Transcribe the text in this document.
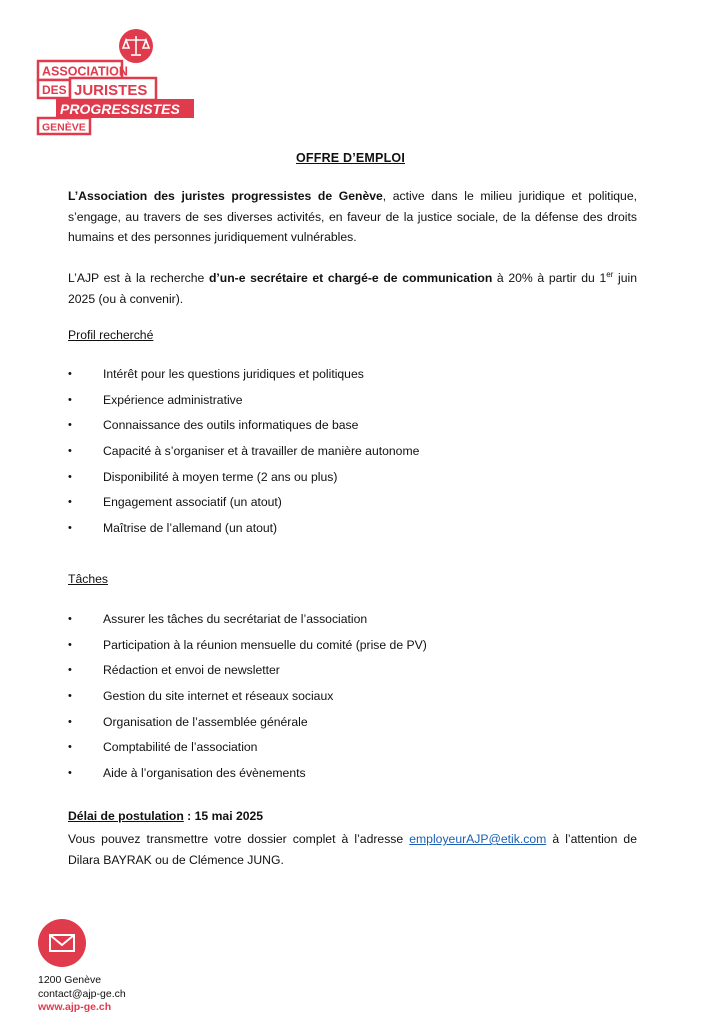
ASSOCIATION
DES JURISTES
PROGRESSISTES
GENÈVE
OFFRE D’EMPLOI
L’Association des juristes progressistes de Genève, active dans le milieu juridique et politique, s’engage, au travers de ses diverses activités, en faveur de la justice sociale, de la défense des droits humains et des personnes juridiquement vulnérables.
L’AJP est à la recherche d’un-e secrétaire et chargé-e de communication à 20% à partir du 1er juin 2025 (ou à convenir).
Profil recherché
•	Intérêt pour les questions juridiques et politiques
•	Expérience administrative
•	Connaissance des outils informatiques de base
•	Capacité à s’organiser et à travailler de manière autonome
•	Disponibilité à moyen terme (2 ans ou plus)
•	Engagement associatif (un atout)
•	Maîtrise de l’allemand (un atout)
Tâches
•	Assurer les tâches du secrétariat de l’association
•	Participation à la réunion mensuelle du comité (prise de PV)
•	Rédaction et envoi de newsletter
•	Gestion du site internet et réseaux sociaux
•	Organisation de l’assemblée générale
•	Comptabilité de l’association
•	Aide à l’organisation des évènements
Délai de postulation : 15 mai 2025
Vous pouvez transmettre votre dossier complet à l’adresse employeurAJP@etik.com à l’attention de Dilara BAYRAK ou de Clémence JUNG.
1200 Genève
contact@ajp-ge.ch
www.ajp-ge.ch
